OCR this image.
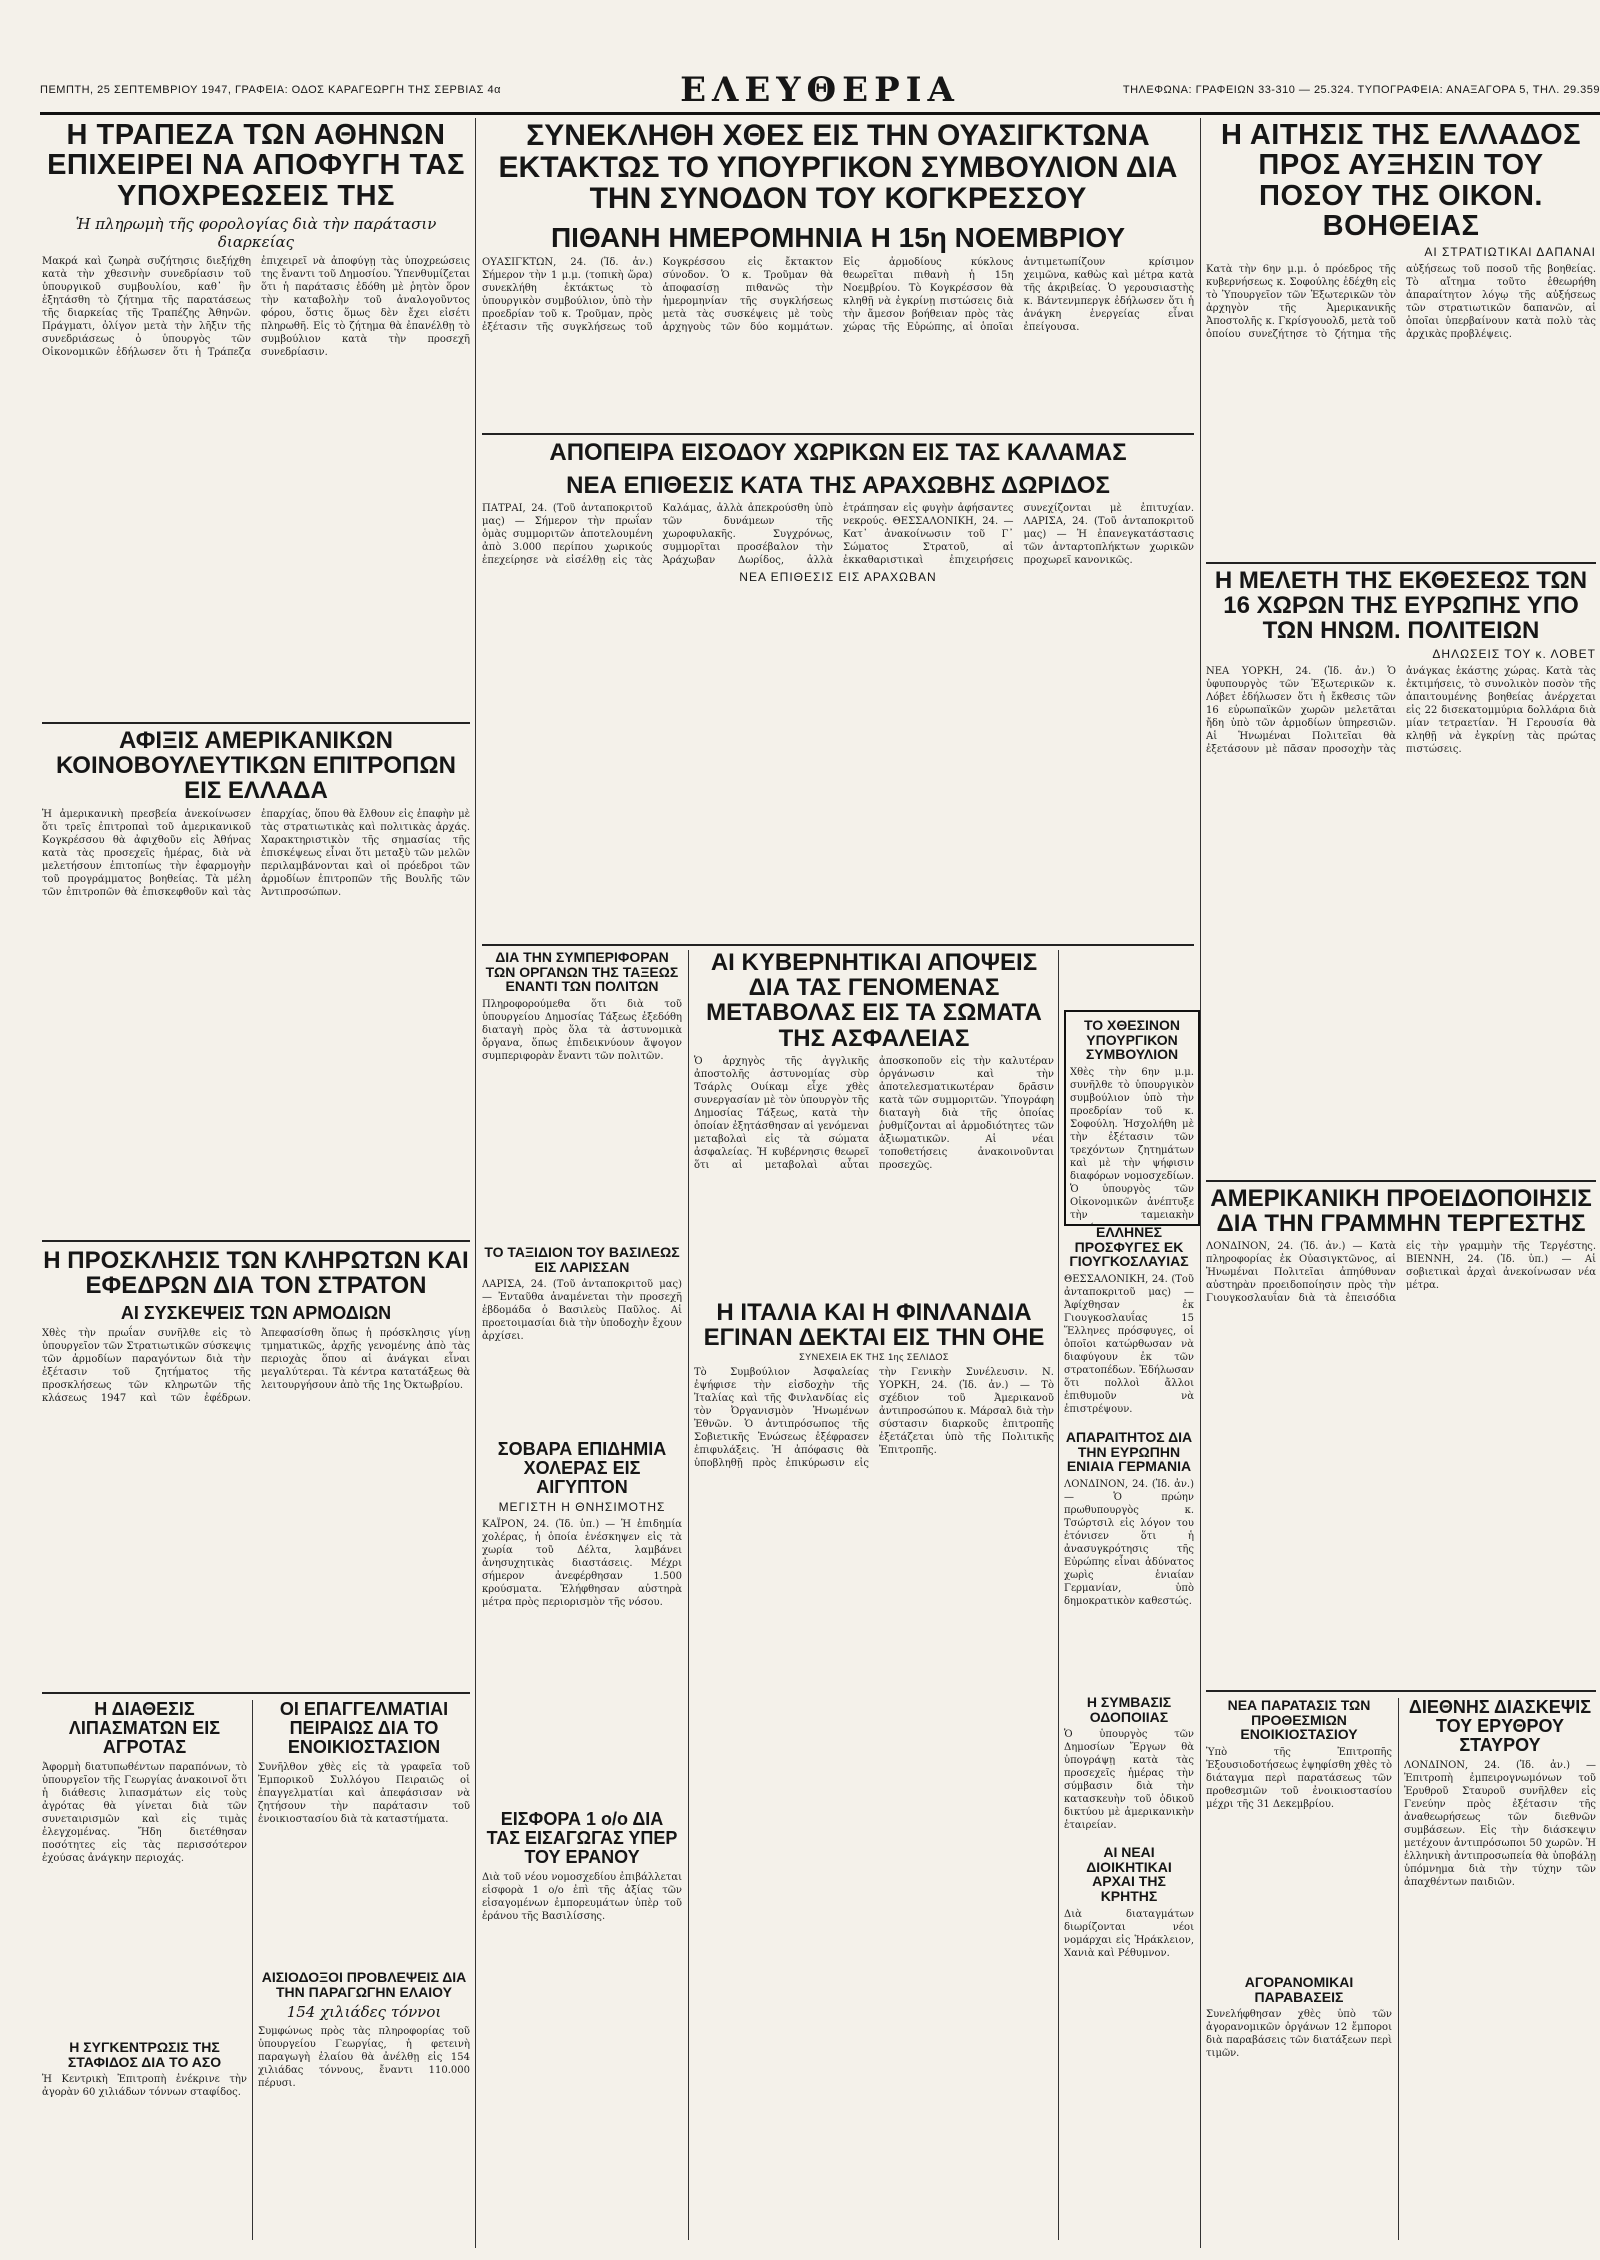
ΠΕΜΠΤΗ, 25 ΣΕΠΤΕΜΒΡΙΟΥ 1947, ΓΡΑΦΕΙΑ: ΟΔΟΣ ΚΑΡΑΓΕΩΡΓΗ ΤΗΣ ΣΕΡΒΙΑΣ 4α	ΕΛΕΥΘΕΡΙΑ	ΤΗΛΕΦΩΝΑ: ΓΡΑΦΕΙΩΝ 33-310 — 25.324. ΤΥΠΟΓΡΑΦΕΙΑ: ΑΝΑΞΑΓΟΡΑ 5, ΤΗΛ. 29.359
Η ΤΡΑΠΕΖΑ ΤΩΝ ΑΘΗΝΩΝ ΕΠΙΧΕΙΡΕΙ ΝΑ ΑΠΟΦΥΓΗ ΤΑΣ ΥΠΟΧΡΕΩΣΕΙΣ ΤΗΣ

Ἡ πληρωμὴ τῆς φορολογίας διὰ τὴν παράτασιν διαρκείας

Μακρά καὶ ζωηρὰ συζήτησις διεξήχθη κατὰ τὴν χθεσινὴν συνεδρίασιν τοῦ ὑπουργικοῦ συμβουλίου, καθ᾽ ἣν ἐξητάσθη τὸ ζήτημα τῆς παρατάσεως τῆς διαρκείας τῆς Τραπέζης Ἀθηνῶν. Πράγματι, ὀλίγον μετὰ τὴν λῆξιν τῆς συνεδριάσεως ὁ ὑπουργὸς τῶν Οἰκονομικῶν ἐδήλωσεν ὅτι ἡ Τράπεζα ἐπιχειρεῖ νὰ ἀποφύγῃ τὰς ὑποχρεώσεις της ἔναντι τοῦ Δημοσίου. Ὑπενθυμίζεται ὅτι ἡ παράτασις ἐδόθη μὲ ῥητὸν ὅρον τὴν καταβολὴν τοῦ ἀναλογοῦντος φόρου, ὅστις ὅμως δὲν ἔχει εἰσέτι πληρωθῆ. Εἰς τὸ ζήτημα θὰ ἐπανέλθῃ τὸ συμβούλιον κατὰ τὴν προσεχῆ συνεδρίασιν.

ΑΦΙΞΙΣ ΑΜΕΡΙΚΑΝΙΚΩΝ ΚΟΙΝΟΒΟΥΛΕΥΤΙΚΩΝ ΕΠΙΤΡΟΠΩΝ ΕΙΣ ΕΛΛΑΔΑ

Ἡ ἀμερικανικὴ πρεσβεία ἀνεκοίνωσεν ὅτι τρεῖς ἐπιτροπαὶ τοῦ ἀμερικανικοῦ Κογκρέσσου θὰ ἀφιχθοῦν εἰς Ἀθήνας κατὰ τὰς προσεχεῖς ἡμέρας, διὰ νὰ μελετήσουν ἐπιτοπίως τὴν ἐφαρμογὴν τοῦ προγράμματος βοηθείας. Τὰ μέλη τῶν ἐπιτροπῶν θὰ ἐπισκεφθοῦν καὶ τὰς ἐπαρχίας, ὅπου θὰ ἔλθουν εἰς ἐπαφὴν μὲ τὰς στρατιωτικὰς καὶ πολιτικὰς ἀρχάς. Χαρακτηριστικὸν τῆς σημασίας τῆς ἐπισκέψεως εἶναι ὅτι μεταξὺ τῶν μελῶν περιλαμβάνονται καὶ οἱ πρόεδροι τῶν ἀρμοδίων ἐπιτροπῶν τῆς Βουλῆς τῶν Ἀντιπροσώπων.

Η ΠΡΟΣΚΛΗΣΙΣ ΤΩΝ ΚΛΗΡΩΤΩΝ ΚΑΙ ΕΦΕΔΡΩΝ ΔΙΑ ΤΟΝ ΣΤΡΑΤΟΝ

ΑΙ ΣΥΣΚΕΨΕΙΣ ΤΩΝ ΑΡΜΟΔΙΩΝ

Χθὲς τὴν πρωΐαν συνῆλθε εἰς τὸ ὑπουργεῖον τῶν Στρατιωτικῶν σύσκεψις τῶν ἀρμοδίων παραγόντων διὰ τὴν ἐξέτασιν τοῦ ζητήματος τῆς προσκλήσεως τῶν κληρωτῶν τῆς κλάσεως 1947 καὶ τῶν ἐφέδρων. Ἀπεφασίσθη ὅπως ἡ πρόσκλησις γίνῃ τμηματικῶς, ἀρχῆς γενομένης ἀπὸ τὰς περιοχὰς ὅπου αἱ ἀνάγκαι εἶναι μεγαλύτεραι. Τὰ κέντρα κατατάξεως θὰ λειτουργήσουν ἀπὸ τῆς 1ης Ὀκτωβρίου.

Η ΔΙΑΘΕΣΙΣ ΛΙΠΑΣΜΑΤΩΝ ΕΙΣ ΑΓΡΟΤΑΣ

Ἀφορμὴ διατυπωθέντων παραπόνων, τὸ ὑπουργεῖον τῆς Γεωργίας ἀνακοινοῖ ὅτι ἡ διάθεσις λιπασμάτων εἰς τοὺς ἀγρότας θὰ γίνεται διὰ τῶν συνεταιρισμῶν καὶ εἰς τιμὰς ἐλεγχομένας. Ἤδη διετέθησαν ποσότητες εἰς τὰς περισσότερον ἐχούσας ἀνάγκην περιοχάς.

Η ΣΥΓΚΕΝΤΡΩΣΙΣ ΤΗΣ ΣΤΑΦΙΔΟΣ ΔΙΑ ΤΟ ΑΣΟ

Ἡ Κεντρικὴ Ἐπιτροπὴ ἐνέκρινε τὴν ἀγορὰν 60 χιλιάδων τόννων σταφίδος.

ΟΙ ΕΠΑΓΓΕΛΜΑΤΙΑΙ ΠΕΙΡΑΙΩΣ ΔΙΑ ΤΟ ΕΝΟΙΚΙΟΣΤΑΣΙΟΝ

Συνῆλθον χθὲς εἰς τὰ γραφεῖα τοῦ Ἐμπορικοῦ Συλλόγου Πειραιῶς οἱ ἐπαγγελματίαι καὶ ἀπεφάσισαν νὰ ζητήσουν τὴν παράτασιν τοῦ ἐνοικιοστασίου διὰ τὰ καταστήματα.

ΑΙΣΙΟΔΟΞΟΙ ΠΡΟΒΛΕΨΕΙΣ ΔΙΑ ΤΗΝ ΠΑΡΑΓΩΓΗΝ ΕΛΑΙΟΥ

154 χιλιάδες τόννοι

Συμφώνως πρὸς τὰς πληροφορίας τοῦ ὑπουργείου Γεωργίας, ἡ φετεινὴ παραγωγὴ ἐλαίου θὰ ἀνέλθῃ εἰς 154 χιλιάδας τόννους, ἔναντι 110.000 πέρυσι.

ΣΥΝΕΚΛΗΘΗ ΧΘΕΣ ΕΙΣ ΤΗΝ ΟΥΑΣΙΓΚΤΩΝΑ ΕΚΤΑΚΤΩΣ ΤΟ ΥΠΟΥΡΓΙΚΟΝ ΣΥΜΒΟΥΛΙΟΝ ΔΙΑ ΤΗΝ ΣΥΝΟΔΟΝ ΤΟΥ ΚΟΓΚΡΕΣΣΟΥ

ΠΙΘΑΝΗ ΗΜΕΡΟΜΗΝΙΑ Η 15η ΝΟΕΜΒΡΙΟΥ

ΟΥΑΣΙΓΚΤΩΝ, 24. (Ἰδ. ἀν.) Σήμερον τὴν 1 μ.μ. (τοπικὴ ὥρα) συνεκλήθη ἐκτάκτως τὸ ὑπουργικὸν συμβούλιον, ὑπὸ τὴν προεδρίαν τοῦ κ. Τροῦμαν, πρὸς ἐξέτασιν τῆς συγκλήσεως τοῦ Κογκρέσσου εἰς ἔκτακτον σύνοδον. Ὁ κ. Τροῦμαν θὰ ἀποφασίσῃ πιθανῶς τὴν ἡμερομηνίαν τῆς συγκλήσεως μετὰ τὰς συσκέψεις μὲ τοὺς ἀρχηγοὺς τῶν δύο κομμάτων. Εἰς ἀρμοδίους κύκλους θεωρεῖται πιθανὴ ἡ 15η Νοεμβρίου. Τὸ Κογκρέσσον θὰ κληθῇ νὰ ἐγκρίνῃ πιστώσεις διὰ τὴν ἄμεσον βοήθειαν πρὸς τὰς χώρας τῆς Εὐρώπης, αἱ ὁποῖαι ἀντιμετωπίζουν κρίσιμον χειμῶνα, καθὼς καὶ μέτρα κατὰ τῆς ἀκριβείας. Ὁ γερουσιαστὴς κ. Βάντενμπεργκ ἐδήλωσεν ὅτι ἡ ἀνάγκη ἐνεργείας εἶναι ἐπείγουσα.

ΑΠΟΠΕΙΡΑ ΕΙΣΟΔΟΥ ΧΩΡΙΚΩΝ ΕΙΣ ΤΑΣ ΚΑΛΑΜΑΣ

ΝΕΑ ΕΠΙΘΕΣΙΣ ΚΑΤΑ ΤΗΣ ΑΡΑΧΩΒΗΣ ΔΩΡΙΔΟΣ

ΠΑΤΡΑΙ, 24. (Τοῦ ἀνταποκριτοῦ μας) — Σήμερον τὴν πρωΐαν ὁμὰς συμμοριτῶν ἀποτελουμένη ἀπὸ 3.000 περίπου χωρικούς ἐπεχείρησε νὰ εἰσέλθῃ εἰς τὰς Καλάμας, ἀλλὰ ἀπεκρούσθη ὑπὸ τῶν δυνάμεων τῆς χωροφυλακῆς. Συγχρόνως, συμμορῖται προσέβαλον τὴν Ἀράχωβαν Δωρίδος, ἀλλὰ ἐτράπησαν εἰς φυγὴν ἀφήσαντες νεκρούς. ΘΕΣΣΑΛΟΝΙΚΗ, 24. — Κατ᾽ ἀνακοίνωσιν τοῦ Γ᾽ Σώματος Στρατοῦ, αἱ ἐκκαθαριστικαὶ ἐπιχειρήσεις συνεχίζονται μὲ ἐπιτυχίαν. ΛΑΡΙΣΑ, 24. (Τοῦ ἀνταποκριτοῦ μας) — Ἡ ἐπανεγκατάστασις τῶν ἀνταρτοπλήκτων χωρικῶν προχωρεῖ κανονικῶς.

ΝΕΑ ΕΠΙΘΕΣΙΣ ΕΙΣ ΑΡΑΧΩΒΑΝ

ΔΙΑ ΤΗΝ ΣΥΜΠΕΡΙΦΟΡΑΝ ΤΩΝ ΟΡΓΑΝΩΝ ΤΗΣ ΤΑΞΕΩΣ ΕΝΑΝΤΙ ΤΩΝ ΠΟΛΙΤΩΝ

Πληροφορούμεθα ὅτι διὰ τοῦ ὑπουργείου Δημοσίας Τάξεως ἐξεδόθη διαταγὴ πρὸς ὅλα τὰ ἀστυνομικὰ ὄργανα, ὅπως ἐπιδεικνύουν ἄψογον συμπεριφορὰν ἔναντι τῶν πολιτῶν.

ΤΟ ΤΑΞΙΔΙΟΝ ΤΟΥ ΒΑΣΙΛΕΩΣ ΕΙΣ ΛΑΡΙΣΣΑΝ

ΛΑΡΙΣΑ, 24. (Τοῦ ἀνταποκριτοῦ μας) — Ἐνταῦθα ἀναμένεται τὴν προσεχῆ ἑβδομάδα ὁ Βασιλεὺς Παῦλος. Αἱ προετοιμασίαι διὰ τὴν ὑποδοχὴν ἔχουν ἀρχίσει.

ΣΟΒΑΡΑ ΕΠΙΔΗΜΙΑ ΧΟΛΕΡΑΣ ΕΙΣ ΑΙΓΥΠΤΟΝ

ΜΕΓΙΣΤΗ Η ΘΝΗΣΙΜΟΤΗΣ

ΚΑΪΡΟΝ, 24. (Ἰδ. ὑπ.) — Ἡ ἐπιδημία χολέρας, ἡ ὁποία ἐνέσκηψεν εἰς τὰ χωρία τοῦ Δέλτα, λαμβάνει ἀνησυχητικὰς διαστάσεις. Μέχρι σήμερον ἀνεφέρθησαν 1.500 κρούσματα. Ἐλήφθησαν αὐστηρὰ μέτρα πρὸς περιορισμὸν τῆς νόσου.

ΕΙΣΦΟΡΑ 1 ο/ο ΔΙΑ ΤΑΣ ΕΙΣΑΓΩΓΑΣ ΥΠΕΡ ΤΟΥ ΕΡΑΝΟΥ

Διὰ τοῦ νέου νομοσχεδίου ἐπιβάλλεται εἰσφορὰ 1 ο/ο ἐπὶ τῆς ἀξίας τῶν εἰσαγομένων ἐμπορευμάτων ὑπὲρ τοῦ ἐράνου τῆς Βασιλίσσης.

ΑΙ ΚΥΒΕΡΝΗΤΙΚΑΙ ΑΠΟΨΕΙΣ ΔΙΑ ΤΑΣ ΓΕΝΟΜΕΝΑΣ ΜΕΤΑΒΟΛΑΣ ΕΙΣ ΤΑ ΣΩΜΑΤΑ ΤΗΣ ΑΣΦΑΛΕΙΑΣ

Ὁ ἀρχηγὸς τῆς ἀγγλικῆς ἀποστολῆς ἀστυνομίας σὺρ Τσάρλς Ουίκαμ εἶχε χθὲς συνεργασίαν μὲ τὸν ὑπουργὸν τῆς Δημοσίας Τάξεως, κατὰ τὴν ὁποίαν ἐξητάσθησαν αἱ γενόμεναι μεταβολαὶ εἰς τὰ σώματα ἀσφαλείας. Ἡ κυβέρνησις θεωρεῖ ὅτι αἱ μεταβολαὶ αὗται ἀποσκοποῦν εἰς τὴν καλυτέραν ὀργάνωσιν καὶ τὴν ἀποτελεσματικωτέραν δρᾶσιν κατὰ τῶν συμμοριτῶν. Ὑπογράφη διαταγὴ διὰ τῆς ὁποίας ῥυθμίζονται αἱ ἁρμοδιότητες τῶν ἀξιωματικῶν. Αἱ νέαι τοποθετήσεις ἀνακοινοῦνται προσεχῶς.

ΤΟ ΧΘΕΣΙΝΟΝ ΥΠΟΥΡΓΙΚΟΝ ΣΥΜΒΟΥΛΙΟΝ

Χθὲς τὴν 6ην μ.μ. συνῆλθε τὸ ὑπουργικὸν συμβούλιον ὑπὸ τὴν προεδρίαν τοῦ κ. Σοφούλη. Ἠσχολήθη μὲ τὴν ἐξέτασιν τῶν τρεχόντων ζητημάτων καὶ μὲ τὴν ψήφισιν διαφόρων νομοσχεδίων. Ὁ ὑπουργὸς τῶν Οἰκονομικῶν ἀνέπτυξε τὴν ταμειακὴν

ΕΛΛΗΝΕΣ ΠΡΟΣΦΥΓΕΣ ΕΚ ΓΙΟΥΓΚΟΣΛΑΥΙΑΣ

ΘΕΣΣΑΛΟΝΙΚΗ, 24. (Τοῦ ἀνταποκριτοῦ μας) — Ἀφίχθησαν ἐκ Γιουγκοσλαυΐας 15 Ἕλληνες πρόσφυγες, οἱ ὁποῖοι κατώρθωσαν νὰ διαφύγουν ἐκ τῶν στρατοπέδων. Ἐδήλωσαν ὅτι πολλοὶ ἄλλοι ἐπιθυμοῦν νὰ ἐπιστρέψουν.

ΑΠΑΡΑΙΤΗΤΟΣ ΔΙΑ ΤΗΝ ΕΥΡΩΠΗΝ ΕΝΙΑΙΑ ΓΕΡΜΑΝΙΑ

ΛΟΝΔΙΝΟΝ, 24. (Ἰδ. ἀν.) — Ὁ πρώην πρωθυπουργὸς κ. Τσώρτσιλ εἰς λόγον του ἐτόνισεν ὅτι ἡ ἀνασυγκρότησις τῆς Εὐρώπης εἶναι ἀδύνατος χωρὶς ἑνιαίαν Γερμανίαν, ὑπὸ δημοκρατικὸν καθεστώς.

Η ΣΥΜΒΑΣΙΣ ΟΔΟΠΟΙΙΑΣ

Ὁ ὑπουργὸς τῶν Δημοσίων Ἔργων θὰ ὑπογράψῃ κατὰ τὰς προσεχεῖς ἡμέρας τὴν σύμβασιν διὰ τὴν κατασκευὴν τοῦ ὁδικοῦ δικτύου μὲ ἀμερικανικὴν ἑταιρείαν.

ΑΙ ΝΕΑΙ ΔΙΟΙΚΗΤΙΚΑΙ ΑΡΧΑΙ ΤΗΣ ΚΡΗΤΗΣ

Διὰ διαταγμάτων διωρίζονται νέοι νομάρχαι εἰς Ἡράκλειον, Χανιὰ καὶ Ρέθυμνον.

Η ΙΤΑΛΙΑ ΚΑΙ Η ΦΙΝΛΑΝΔΙΑ ΕΓΙΝΑΝ ΔΕΚΤΑΙ ΕΙΣ ΤΗΝ ΟΗΕ

ΣΥΝΕΧΕΙΑ ΕΚ ΤΗΣ 1ης ΣΕΛΙΔΟΣ

Τὸ Συμβούλιον Ἀσφαλείας ἐψήφισε τὴν εἰσδοχὴν τῆς Ἰταλίας καὶ τῆς Φινλανδίας εἰς τὸν Ὀργανισμὸν Ἡνωμένων Ἐθνῶν. Ὁ ἀντιπρόσωπος τῆς Σοβιετικῆς Ἑνώσεως ἐξέφρασεν ἐπιφυλάξεις. Ἡ ἀπόφασις θὰ ὑποβληθῇ πρὸς ἐπικύρωσιν εἰς τὴν Γενικὴν Συνέλευσιν. Ν. ΥΟΡΚΗ, 24. (Ἰδ. ἀν.) — Τὸ σχέδιον τοῦ Ἀμερικανοῦ ἀντιπροσώπου κ. Μάρσαλ διὰ τὴν σύστασιν διαρκοῦς ἐπιτροπῆς ἐξετάζεται ὑπὸ τῆς Πολιτικῆς Ἐπιτροπῆς.

Η ΑΙΤΗΣΙΣ ΤΗΣ ΕΛΛΑΔΟΣ ΠΡΟΣ ΑΥΞΗΣΙΝ ΤΟΥ ΠΟΣΟΥ ΤΗΣ ΟΙΚΟΝ. ΒΟΗΘΕΙΑΣ

ΑΙ ΣΤΡΑΤΙΩΤΙΚΑΙ ΔΑΠΑΝΑΙ

Κατὰ τὴν 6ην μ.μ. ὁ πρόεδρος τῆς κυβερνήσεως κ. Σοφούλης ἐδέχθη εἰς τὸ Ὑπουργεῖον τῶν Ἐξωτερικῶν τὸν ἀρχηγὸν τῆς Ἀμερικανικῆς Ἀποστολῆς κ. Γκρίσγουολδ, μετὰ τοῦ ὁποίου συνεζήτησε τὸ ζήτημα τῆς αὐξήσεως τοῦ ποσοῦ τῆς βοηθείας. Τὸ αἴτημα τοῦτο ἐθεωρήθη ἀπαραίτητον λόγῳ τῆς αὐξήσεως τῶν στρατιωτικῶν δαπανῶν, αἱ ὁποῖαι ὑπερβαίνουν κατὰ πολὺ τὰς ἀρχικὰς προβλέψεις.

Η ΜΕΛΕΤΗ ΤΗΣ ΕΚΘΕΣΕΩΣ ΤΩΝ 16 ΧΩΡΩΝ ΤΗΣ ΕΥΡΩΠΗΣ ΥΠΟ ΤΩΝ ΗΝΩΜ. ΠΟΛΙΤΕΙΩΝ

ΔΗΛΩΣΕΙΣ ΤΟΥ κ. ΛΟΒΕΤ

ΝΕΑ ΥΟΡΚΗ, 24. (Ἰδ. ἀν.) Ὁ ὑφυπουργὸς τῶν Ἐξωτερικῶν κ. Λόβετ ἐδήλωσεν ὅτι ἡ ἔκθεσις τῶν 16 εὐρωπαϊκῶν χωρῶν μελετᾶται ἤδη ὑπὸ τῶν ἁρμοδίων ὑπηρεσιῶν. Αἱ Ἡνωμέναι Πολιτεῖαι θὰ ἐξετάσουν μὲ πᾶσαν προσοχὴν τὰς ἀνάγκας ἑκάστης χώρας. Κατὰ τὰς ἐκτιμήσεις, τὸ συνολικὸν ποσὸν τῆς ἀπαιτουμένης βοηθείας ἀνέρχεται εἰς 22 δισεκατομμύρια δολλάρια διὰ μίαν τετραετίαν. Ἡ Γερουσία θὰ κληθῇ νὰ ἐγκρίνῃ τὰς πρώτας πιστώσεις.

ΑΜΕΡΙΚΑΝΙΚΗ ΠΡΟΕΙΔΟΠΟΙΗΣΙΣ ΔΙΑ ΤΗΝ ΓΡΑΜΜΗΝ ΤΕΡΓΕΣΤΗΣ

ΛΟΝΔΙΝΟΝ, 24. (Ἰδ. ἀν.) — Κατὰ πληροφορίας ἐκ Οὐασιγκτῶνος, αἱ Ἡνωμέναι Πολιτεῖαι ἀπηύθυναν αὐστηρὰν προειδοποίησιν πρὸς τὴν Γιουγκοσλαυΐαν διὰ τὰ ἐπεισόδια εἰς τὴν γραμμὴν τῆς Τεργέστης. ΒΙΕΝΝΗ, 24. (Ἰδ. ὑπ.) — Αἱ σοβιετικαὶ ἀρχαὶ ἀνεκοίνωσαν νέα μέτρα.

ΝΕΑ ΠΑΡΑΤΑΣΙΣ ΤΩΝ ΠΡΟΘΕΣΜΙΩΝ ΕΝΟΙΚΙΟΣΤΑΣΙΟΥ

Ὑπὸ τῆς Ἐπιτροπῆς Ἐξουσιοδοτήσεως ἐψηφίσθη χθὲς τὸ διάταγμα περὶ παρατάσεως τῶν προθεσμιῶν τοῦ ἐνοικιοστασίου μέχρι τῆς 31 Δεκεμβρίου.

ΑΓΟΡΑΝΟΜΙΚΑΙ ΠΑΡΑΒΑΣΕΙΣ

Συνελήφθησαν χθὲς ὑπὸ τῶν ἀγορανομικῶν ὀργάνων 12 ἔμποροι διὰ παραβάσεις τῶν διατάξεων περὶ τιμῶν.

ΔΙΕΘΝΗΣ ΔΙΑΣΚΕΨΙΣ ΤΟΥ ΕΡΥΘΡΟΥ ΣΤΑΥΡΟΥ

ΛΟΝΔΙΝΟΝ, 24. (Ἰδ. ἀν.) — Ἐπιτροπὴ ἐμπειρογνωμόνων τοῦ Ἐρυθροῦ Σταυροῦ συνῆλθεν εἰς Γενεύην πρὸς ἐξέτασιν τῆς ἀναθεωρήσεως τῶν διεθνῶν συμβάσεων. Εἰς τὴν διάσκεψιν μετέχουν ἀντιπρόσωποι 50 χωρῶν. Ἡ ἑλληνικὴ ἀντιπροσωπεία θὰ ὑποβάλῃ ὑπόμνημα διὰ τὴν τύχην τῶν ἀπαχθέντων παιδιῶν.
